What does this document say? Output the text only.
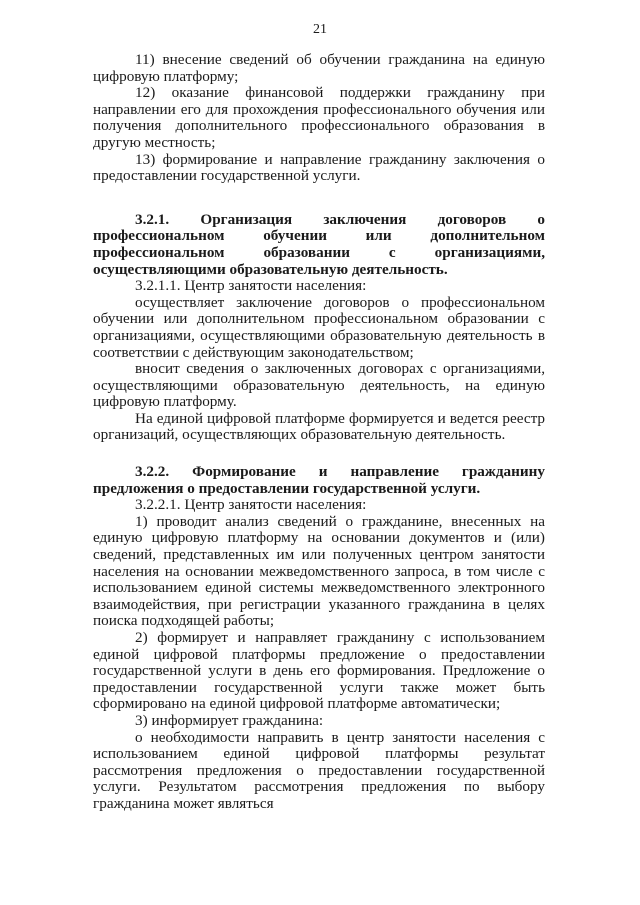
21

11) внесение сведений об обучении гражданина на единую цифровую платформу;

12) оказание финансовой поддержки гражданину при направлении его для прохождения профессионального обучения или получения дополнительного профессионального образования в другую местность;

13) формирование и направление гражданину заключения о предоставлении государственной услуги.

3.2.1. Организация заключения договоров о профессиональном обучении или дополнительном профессиональном образовании с организациями, осуществляющими образовательную деятельность.

3.2.1.1. Центр занятости населения:

осуществляет заключение договоров о профессиональном обучении или дополнительном профессиональном образовании с организациями, осуществляющими образовательную деятельность в соответствии с действующим законодательством;

вносит сведения о заключенных договорах с организациями, осуществляющими образовательную деятельность, на единую цифровую платформу.

На единой цифровой платформе формируется и ведется реестр организаций, осуществляющих образовательную деятельность.

3.2.2. Формирование и направление гражданину предложения о предоставлении государственной услуги.

3.2.2.1. Центр занятости населения:

1) проводит анализ сведений о гражданине, внесенных на единую цифровую платформу на основании документов и (или) сведений, представленных им или полученных центром занятости населения на основании межведомственного запроса, в том числе с использованием единой системы межведомственного электронного взаимодействия, при регистрации указанного гражданина в целях поиска подходящей работы;

2) формирует и направляет гражданину с использованием единой цифровой платформы предложение о предоставлении государственной услуги в день его формирования. Предложение о предоставлении государственной услуги также может быть сформировано на единой цифровой платформе автоматически;

3) информирует гражданина:

о необходимости направить в центр занятости населения с использованием единой цифровой платформы результат рассмотрения предложения о предоставлении государственной услуги. Результатом рассмотрения предложения по выбору гражданина может являться
